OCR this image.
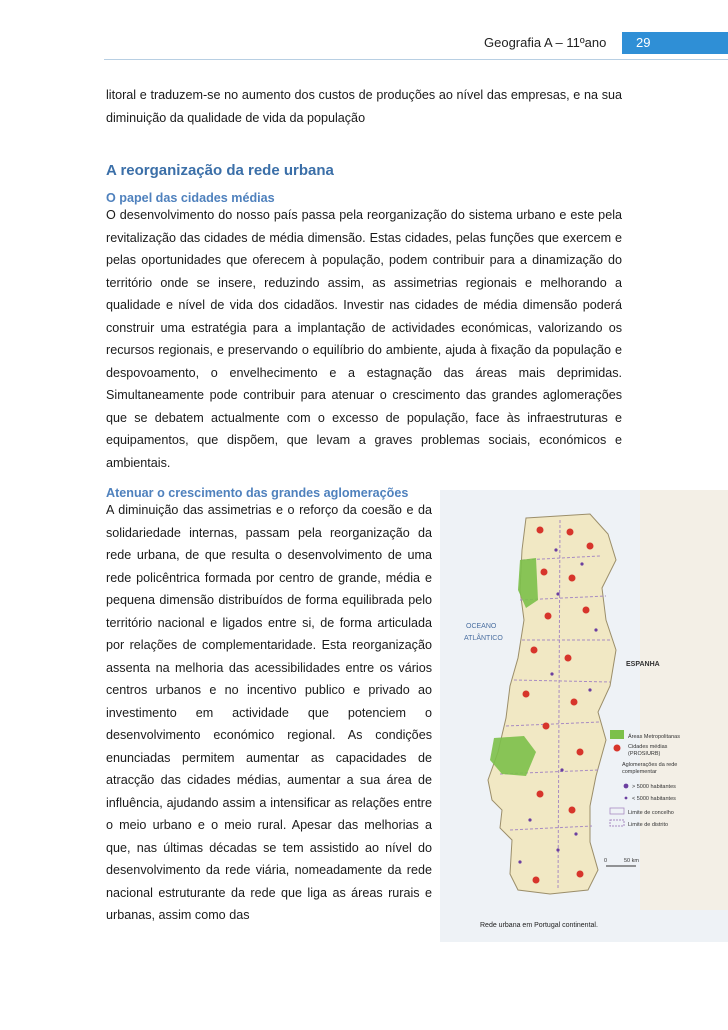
Geografia A – 11ºano	29

litoral e traduzem-se no aumento dos custos de produções ao nível das empresas, e na sua diminuição da qualidade de vida da população

A reorganização da rede urbana
O papel das cidades médias

O desenvolvimento do nosso país passa pela reorganização do sistema urbano e este pela revitalização das cidades de média dimensão. Estas cidades, pelas funções que exercem e pelas oportunidades que oferecem à população, podem contribuir para a dinamização do território onde se insere, reduzindo assim, as assimetrias regionais e melhorando a qualidade e nível de vida dos cidadãos. Investir nas cidades de média dimensão poderá construir uma estratégia para a implantação de actividades económicas, valorizando os recursos regionais, e preservando o equilíbrio do ambiente, ajuda à fixação da população e despovoamento, o envelhecimento e a estagnação das áreas mais deprimidas. Simultaneamente pode contribuir para atenuar o crescimento das grandes aglomerações que se debatem actualmente com o excesso de população, face às infraestruturas e equipamentos, que dispõem, que levam a graves problemas sociais, económicos e ambientais.

Atenuar o crescimento das grandes aglomerações

A diminuição das assimetrias e o reforço da coesão e da solidariedade internas, passam pela reorganização da rede urbana, de que resulta o desenvolvimento de uma rede policêntrica formada por centro de grande, média e pequena dimensão distribuídos de forma equilibrada pelo território nacional e ligados entre si, de forma articulada por relações de complementaridade. Esta reorganização assenta na melhoria das acessibilidades entre os vários centros urbanos e no incentivo publico e privado ao investimento em actividade que potenciem o desenvolvimento económico regional. As condições enunciadas permitem aumentar as capacidades de atracção das cidades médias, aumentar a sua área de influência, ajudando assim a intensificar as relações entre o meio urbano e o meio rural. Apesar das melhorias a que, nas últimas décadas se tem assistido ao nível do desenvolvimento da rede viária, nomeadamente da rede nacional estruturante da rede que liga as áreas rurais e urbanas, assim como das

OCEANO
ATLÂNTICO
ESPANHA
Áreas Metropolitanas
Cidades médias
(PROSIURB)
Aglomerações da rede
complementar
> 5000 habitantes
< 5000 habitantes
Limite de concelho
Limite de distrito
0	50 km
Rede urbana em Portugal continental.
